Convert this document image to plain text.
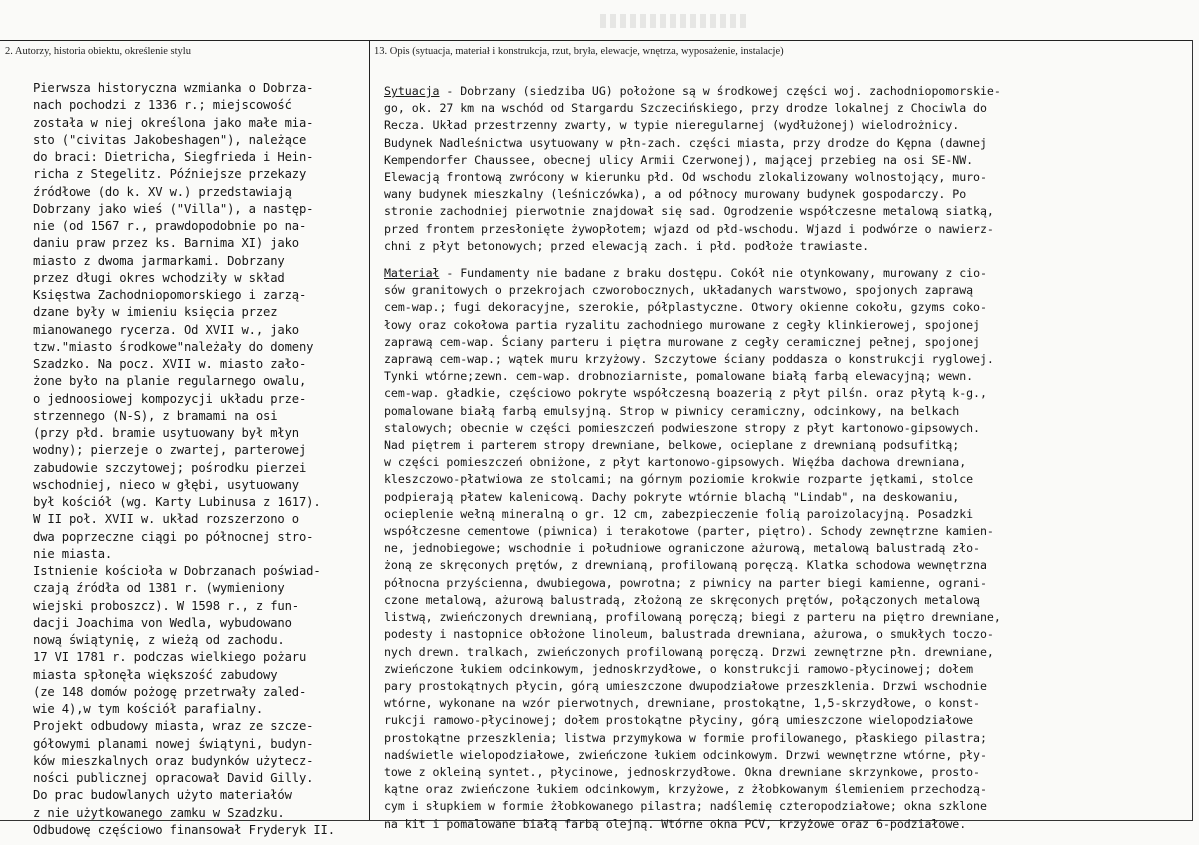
2. Autorzy, historia obiektu, określenie stylu	13. Opis (sytuacja, materiał i konstrukcja, rzut, bryła, elewacje, wnętrza, wyposażenie, instalacje)
Pierwsza historyczna wzmianka o Dobrza-
nach pochodzi z 1336 r.; miejscowość
została w niej określona jako małe mia-
sto ("civitas Jakobeshagen"), należące
do braci: Dietricha, Siegfrieda i Hein-
richa z Stegelitz. Późniejsze przekazy
źródłowe (do k. XV w.) przedstawiają
Dobrzany jako wieś ("Villa"), a następ-
nie (od 1567 r., prawdopodobnie po na-
daniu praw przez ks. Barnima XI) jako
miasto z dwoma jarmarkami. Dobrzany
przez długi okres wchodziły w skład
Księstwa Zachodniopomorskiego i zarzą-
dzane były w imieniu księcia przez
mianowanego rycerza. Od XVII w., jako
tzw."miasto środkowe"należały do domeny
Szadzko. Na pocz. XVII w. miasto zało-
żone było na planie regularnego owalu,
o jednoosiowej kompozycji układu prze-
strzennego (N-S), z bramami na osi
(przy płd. bramie usytuowany był młyn
wodny); pierzeje o zwartej, parterowej
zabudowie szczytowej; pośrodku pierzei
wschodniej, nieco w głębi, usytuowany
był kościół (wg. Karty Lubinusa z 1617).
W II poł. XVII w. układ rozszerzono o
dwa poprzeczne ciągi po północnej stro-
nie miasta.
Istnienie kościoła w Dobrzanach poświad-
czają źródła od 1381 r. (wymieniony
wiejski proboszcz). W 1598 r., z fun-
dacji Joachima von Wedla, wybudowano
nową świątynię, z wieżą od zachodu.
17 VI 1781 r. podczas wielkiego pożaru
miasta spłonęła większość zabudowy
(ze 148 domów pożogę przetrwały zaled-
wie 4),w tym kościół parafialny.
Projekt odbudowy miasta, wraz ze szcze-
gółowymi planami nowej świątyni, budyn-
ków mieszkalnych oraz budynków użytecz-
ności publicznej opracował David Gilly.
Do prac budowlanych użyto materiałów
z nie użytkowanego zamku w Szadzku.
Odbudowę częściowo finansował Fryderyk II.
Sytuacja - Dobrzany (siedziba UG) położone są w środkowej części woj. zachodniopomorskie-
go, ok. 27 km na wschód od Stargardu Szczecińskiego, przy drodze lokalnej z Chociwla do
Recza. Układ przestrzenny zwarty, w typie nieregularnej (wydłużonej) wielodrożnicy.
Budynek Nadleśnictwa usytuowany w płn-zach. części miasta, przy drodze do Kępna (dawnej
Kempendorfer Chaussee, obecnej ulicy Armii Czerwonej), mającej przebieg na osi SE-NW.
Elewacją frontową zwrócony w kierunku płd. Od wschodu zlokalizowany wolnostojący, muro-
wany budynek mieszkalny (leśniczówka), a od północy murowany budynek gospodarczy. Po
stronie zachodniej pierwotnie znajdował się sad. Ogrodzenie współczesne metalową siatką,
przed frontem przesłonięte żywopłotem; wjazd od płd-wschodu. Wjazd i podwórze o nawierz-
chni z płyt betonowych; przed elewacją zach. i płd. podłoże trawiaste.
Materiał - Fundamenty nie badane z braku dostępu. Cokół nie otynkowany, murowany z cio-
sów granitowych o przekrojach czworobocznych, układanych warstwowo, spojonych zaprawą
cem-wap.; fugi dekoracyjne, szerokie, półplastyczne. Otwory okienne cokołu, gzyms coko-
łowy oraz cokołowa partia ryzalitu zachodniego murowane z cegły klinkierowej, spojonej
zaprawą cem-wap. Ściany parteru i piętra murowane z cegły ceramicznej pełnej, spojonej
zaprawą cem-wap.; wątek muru krzyżowy. Szczytowe ściany poddasza o konstrukcji ryglowej.
Tynki wtórne;zewn. cem-wap. drobnoziarniste, pomalowane białą farbą elewacyjną; wewn.
cem-wap. gładkie, częściowo pokryte współczesną boazerią z płyt pilśn. oraz płytą k-g.,
pomalowane białą farbą emulsyjną. Strop w piwnicy ceramiczny, odcinkowy, na belkach
stalowych; obecnie w części pomieszczeń podwieszone stropy z płyt kartonowo-gipsowych.
Nad piętrem i parterem stropy drewniane, belkowe, ocieplane z drewnianą podsufitką;
w części pomieszczeń obniżone, z płyt kartonowo-gipsowych. Więźba dachowa drewniana,
kleszczowo-płatwiowa ze stolcami; na górnym poziomie krokwie rozparte jętkami, stolce
podpierają płatew kalenicową. Dachy pokryte wtórnie blachą "Lindab", na deskowaniu,
ocieplenie wełną mineralną o gr. 12 cm, zabezpieczenie folią paroizolacyjną. Posadzki
współczesne cementowe (piwnica) i terakotowe (parter, piętro). Schody zewnętrzne kamien-
ne, jednobiegowe; wschodnie i południowe ograniczone ażurową, metalową balustradą zło-
żoną ze skręconych prętów, z drewnianą, profilowaną poręczą. Klatka schodowa wewnętrzna
północna przyścienna, dwubiegowa, powrotna; z piwnicy na parter biegi kamienne, ograni-
czone metalową, ażurową balustradą, złożoną ze skręconych prętów, połączonych metalową
listwą, zwieńczonych drewnianą, profilowaną poręczą; biegi z parteru na piętro drewniane,
podesty i nastopnice obłożone linoleum, balustrada drewniana, ażurowa, o smukłych toczo-
nych drewn. tralkach, zwieńczonych profilowaną poręczą. Drzwi zewnętrzne płn. drewniane,
zwieńczone łukiem odcinkowym, jednoskrzydłowe, o konstrukcji ramowo-płycinowej; dołem
pary prostokątnych płycin, górą umieszczone dwupodziałowe przeszklenia. Drzwi wschodnie
wtórne, wykonane na wzór pierwotnych, drewniane, prostokątne, 1,5-skrzydłowe, o konst-
rukcji ramowo-płycinowej; dołem prostokątne płyciny, górą umieszczone wielopodziałowe
prostokątne przeszklenia; listwa przymykowa w formie profilowanego, płaskiego pilastra;
nadświetle wielopodziałowe, zwieńczone łukiem odcinkowym. Drzwi wewnętrzne wtórne, pły-
towe z okleiną syntet., płycinowe, jednoskrzydłowe. Okna drewniane skrzynkowe, prosto-
kątne oraz zwieńczone łukiem odcinkowym, krzyżowe, z żłobkowanym ślemieniem przechodzą-
cym i słupkiem w formie żłobkowanego pilastra; nadślemię czteropodziałowe; okna szklone
na kit i pomalowane białą farbą olejną. Wtórne okna PCV, krzyżowe oraz 6-podziałowe.
